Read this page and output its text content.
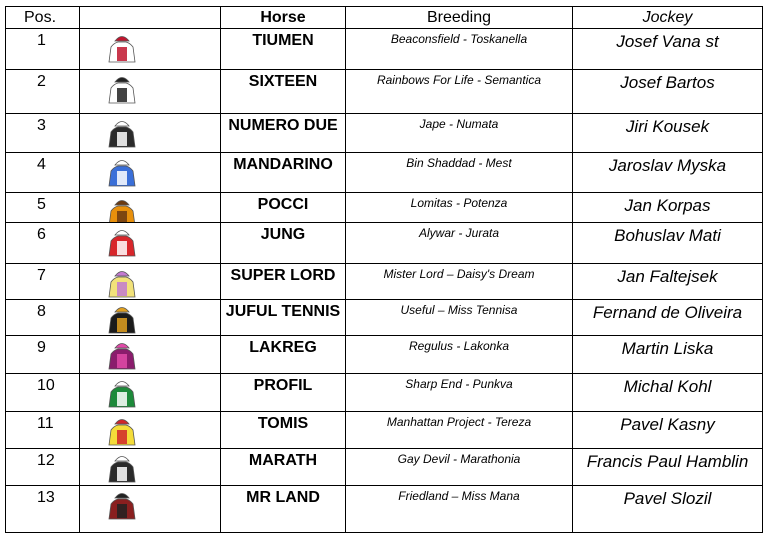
Pos.		Horse	Breeding	Jockey
1		TIUMEN	Beaconsfield - Toskanella	Josef Vana st
2		SIXTEEN	Rainbows For Life - Semantica	Josef Bartos
3		NUMERO DUE	Jape - Numata	Jiri Kousek
4		MANDARINO	Bin Shaddad - Mest	Jaroslav Myska
5		POCCI	Lomitas - Potenza	Jan Korpas
6		JUNG	Alywar - Jurata	Bohuslav Mati
7		SUPER LORD	Mister Lord – Daisy's Dream	Jan Faltejsek
8		JUFUL TENNIS	Useful – Miss Tennisa	Fernand de Oliveira
9		LAKREG	Regulus - Lakonka	Martin Liska
10		PROFIL	Sharp End - Punkva	Michal Kohl
11		TOMIS	Manhattan Project - Tereza	Pavel Kasny
12		MARATH	Gay Devil - Marathonia	Francis Paul Hamblin
13		MR LAND	Friedland – Miss Mana	Pavel Slozil
